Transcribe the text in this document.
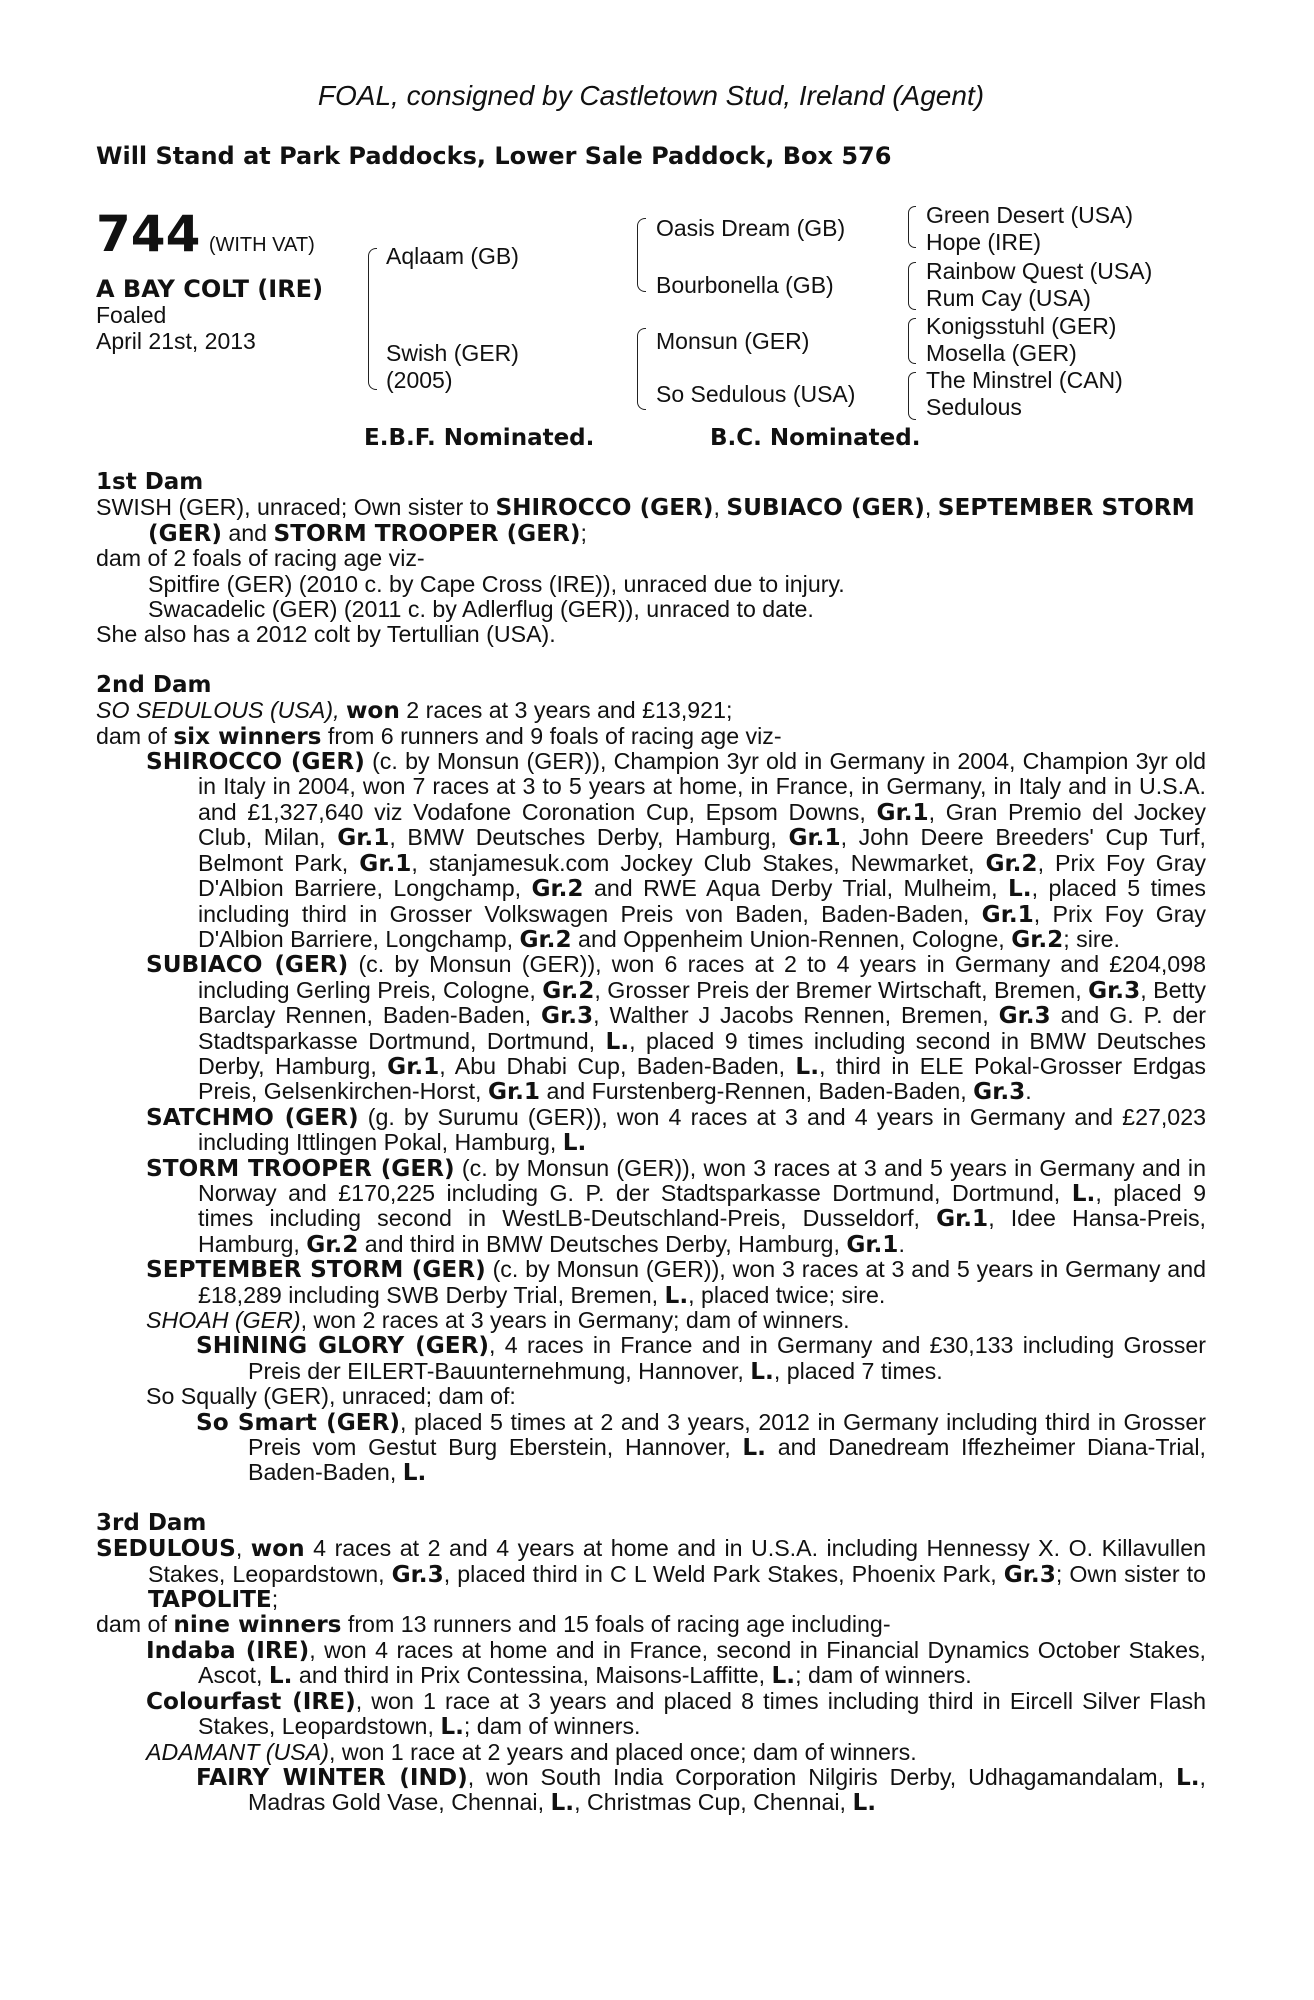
FOAL, consigned by Castletown Stud, Ireland (Agent)
Will Stand at Park Paddocks, Lower Sale Paddock, Box 576
744 (WITH VAT)
A BAY COLT (IRE)
Foaled
April 21st, 2013
Aqlaam (GB)
Swish (GER)
(2005)
Oasis Dream (GB)
Bourbonella (GB)
Monsun (GER)
So Sedulous (USA)
Green Desert (USA)
Hope (IRE)
Rainbow Quest (USA)
Rum Cay (USA)
Konigsstuhl (GER)
Mosella (GER)
The Minstrel (CAN)
Sedulous
E.B.F. Nominated.	B.C. Nominated.

1st Dam

SWISH (GER), unraced; Own sister to SHIROCCO (GER), SUBIACO (GER), SEPTEMBER STORM (GER) and STORM TROOPER (GER);

dam of 2 foals of racing age viz-

Spitfire (GER) (2010 c. by Cape Cross (IRE)), unraced due to injury.

Swacadelic (GER) (2011 c. by Adlerflug (GER)), unraced to date.

She also has a 2012 colt by Tertullian (USA).

2nd Dam

SO SEDULOUS (USA), won 2 races at 3 years and £13,921;

dam of six winners from 6 runners and 9 foals of racing age viz-

SHIROCCO (GER) (c. by Monsun (GER)), Champion 3yr old in Germany in 2004, Champion 3yr old in Italy in 2004, won 7 races at 3 to 5 years at home, in France, in Germany, in Italy and in U.S.A. and £1,327,640 viz Vodafone Coronation Cup, Epsom Downs, Gr.1, Gran Premio del Jockey Club, Milan, Gr.1, BMW Deutsches Derby, Hamburg, Gr.1, John Deere Breeders' Cup Turf, Belmont Park, Gr.1, stanjamesuk.com Jockey Club Stakes, Newmarket, Gr.2, Prix Foy Gray D'Albion Barriere, Longchamp, Gr.2 and RWE Aqua Derby Trial, Mulheim, L., placed 5 times including third in Grosser Volkswagen Preis von Baden, Baden-Baden, Gr.1, Prix Foy Gray D'Albion Barriere, Longchamp, Gr.2 and Oppenheim Union-Rennen, Cologne, Gr.2; sire.

SUBIACO (GER) (c. by Monsun (GER)), won 6 races at 2 to 4 years in Germany and £204,098 including Gerling Preis, Cologne, Gr.2, Grosser Preis der Bremer Wirtschaft, Bremen, Gr.3, Betty Barclay Rennen, Baden-Baden, Gr.3, Walther J Jacobs Rennen, Bremen, Gr.3 and G. P. der Stadtsparkasse Dortmund, Dortmund, L., placed 9 times including second in BMW Deutsches Derby, Hamburg, Gr.1, Abu Dhabi Cup, Baden-Baden, L., third in ELE Pokal-Grosser Erdgas Preis, Gelsenkirchen-Horst, Gr.1 and Furstenberg-Rennen, Baden-Baden, Gr.3.

SATCHMO (GER) (g. by Surumu (GER)), won 4 races at 3 and 4 years in Germany and £27,023 including Ittlingen Pokal, Hamburg, L.

STORM TROOPER (GER) (c. by Monsun (GER)), won 3 races at 3 and 5 years in Germany and in Norway and £170,225 including G. P. der Stadtsparkasse Dortmund, Dortmund, L., placed 9 times including second in WestLB-Deutschland-Preis, Dusseldorf, Gr.1, Idee Hansa-Preis, Hamburg, Gr.2 and third in BMW Deutsches Derby, Hamburg, Gr.1.

SEPTEMBER STORM (GER) (c. by Monsun (GER)), won 3 races at 3 and 5 years in Germany and £18,289 including SWB Derby Trial, Bremen, L., placed twice; sire.

SHOAH (GER), won 2 races at 3 years in Germany; dam of winners.

SHINING GLORY (GER), 4 races in France and in Germany and £30,133 including Grosser Preis der EILERT-Bauunternehmung, Hannover, L., placed 7 times.

So Squally (GER), unraced; dam of:

So Smart (GER), placed 5 times at 2 and 3 years, 2012 in Germany including third in Grosser Preis vom Gestut Burg Eberstein, Hannover, L. and Danedream Iffezheimer Diana-Trial, Baden-Baden, L.

3rd Dam

SEDULOUS, won 4 races at 2 and 4 years at home and in U.S.A. including Hennessy X. O. Killavullen Stakes, Leopardstown, Gr.3, placed third in C L Weld Park Stakes, Phoenix Park, Gr.3; Own sister to TAPOLITE;

dam of nine winners from 13 runners and 15 foals of racing age including-

Indaba (IRE), won 4 races at home and in France, second in Financial Dynamics October Stakes, Ascot, L. and third in Prix Contessina, Maisons-Laffitte, L.; dam of winners.

Colourfast (IRE), won 1 race at 3 years and placed 8 times including third in Eircell Silver Flash Stakes, Leopardstown, L.; dam of winners.

ADAMANT (USA), won 1 race at 2 years and placed once; dam of winners.

FAIRY WINTER (IND), won South India Corporation Nilgiris Derby, Udhagamandalam, L., Madras Gold Vase, Chennai, L., Christmas Cup, Chennai, L.
